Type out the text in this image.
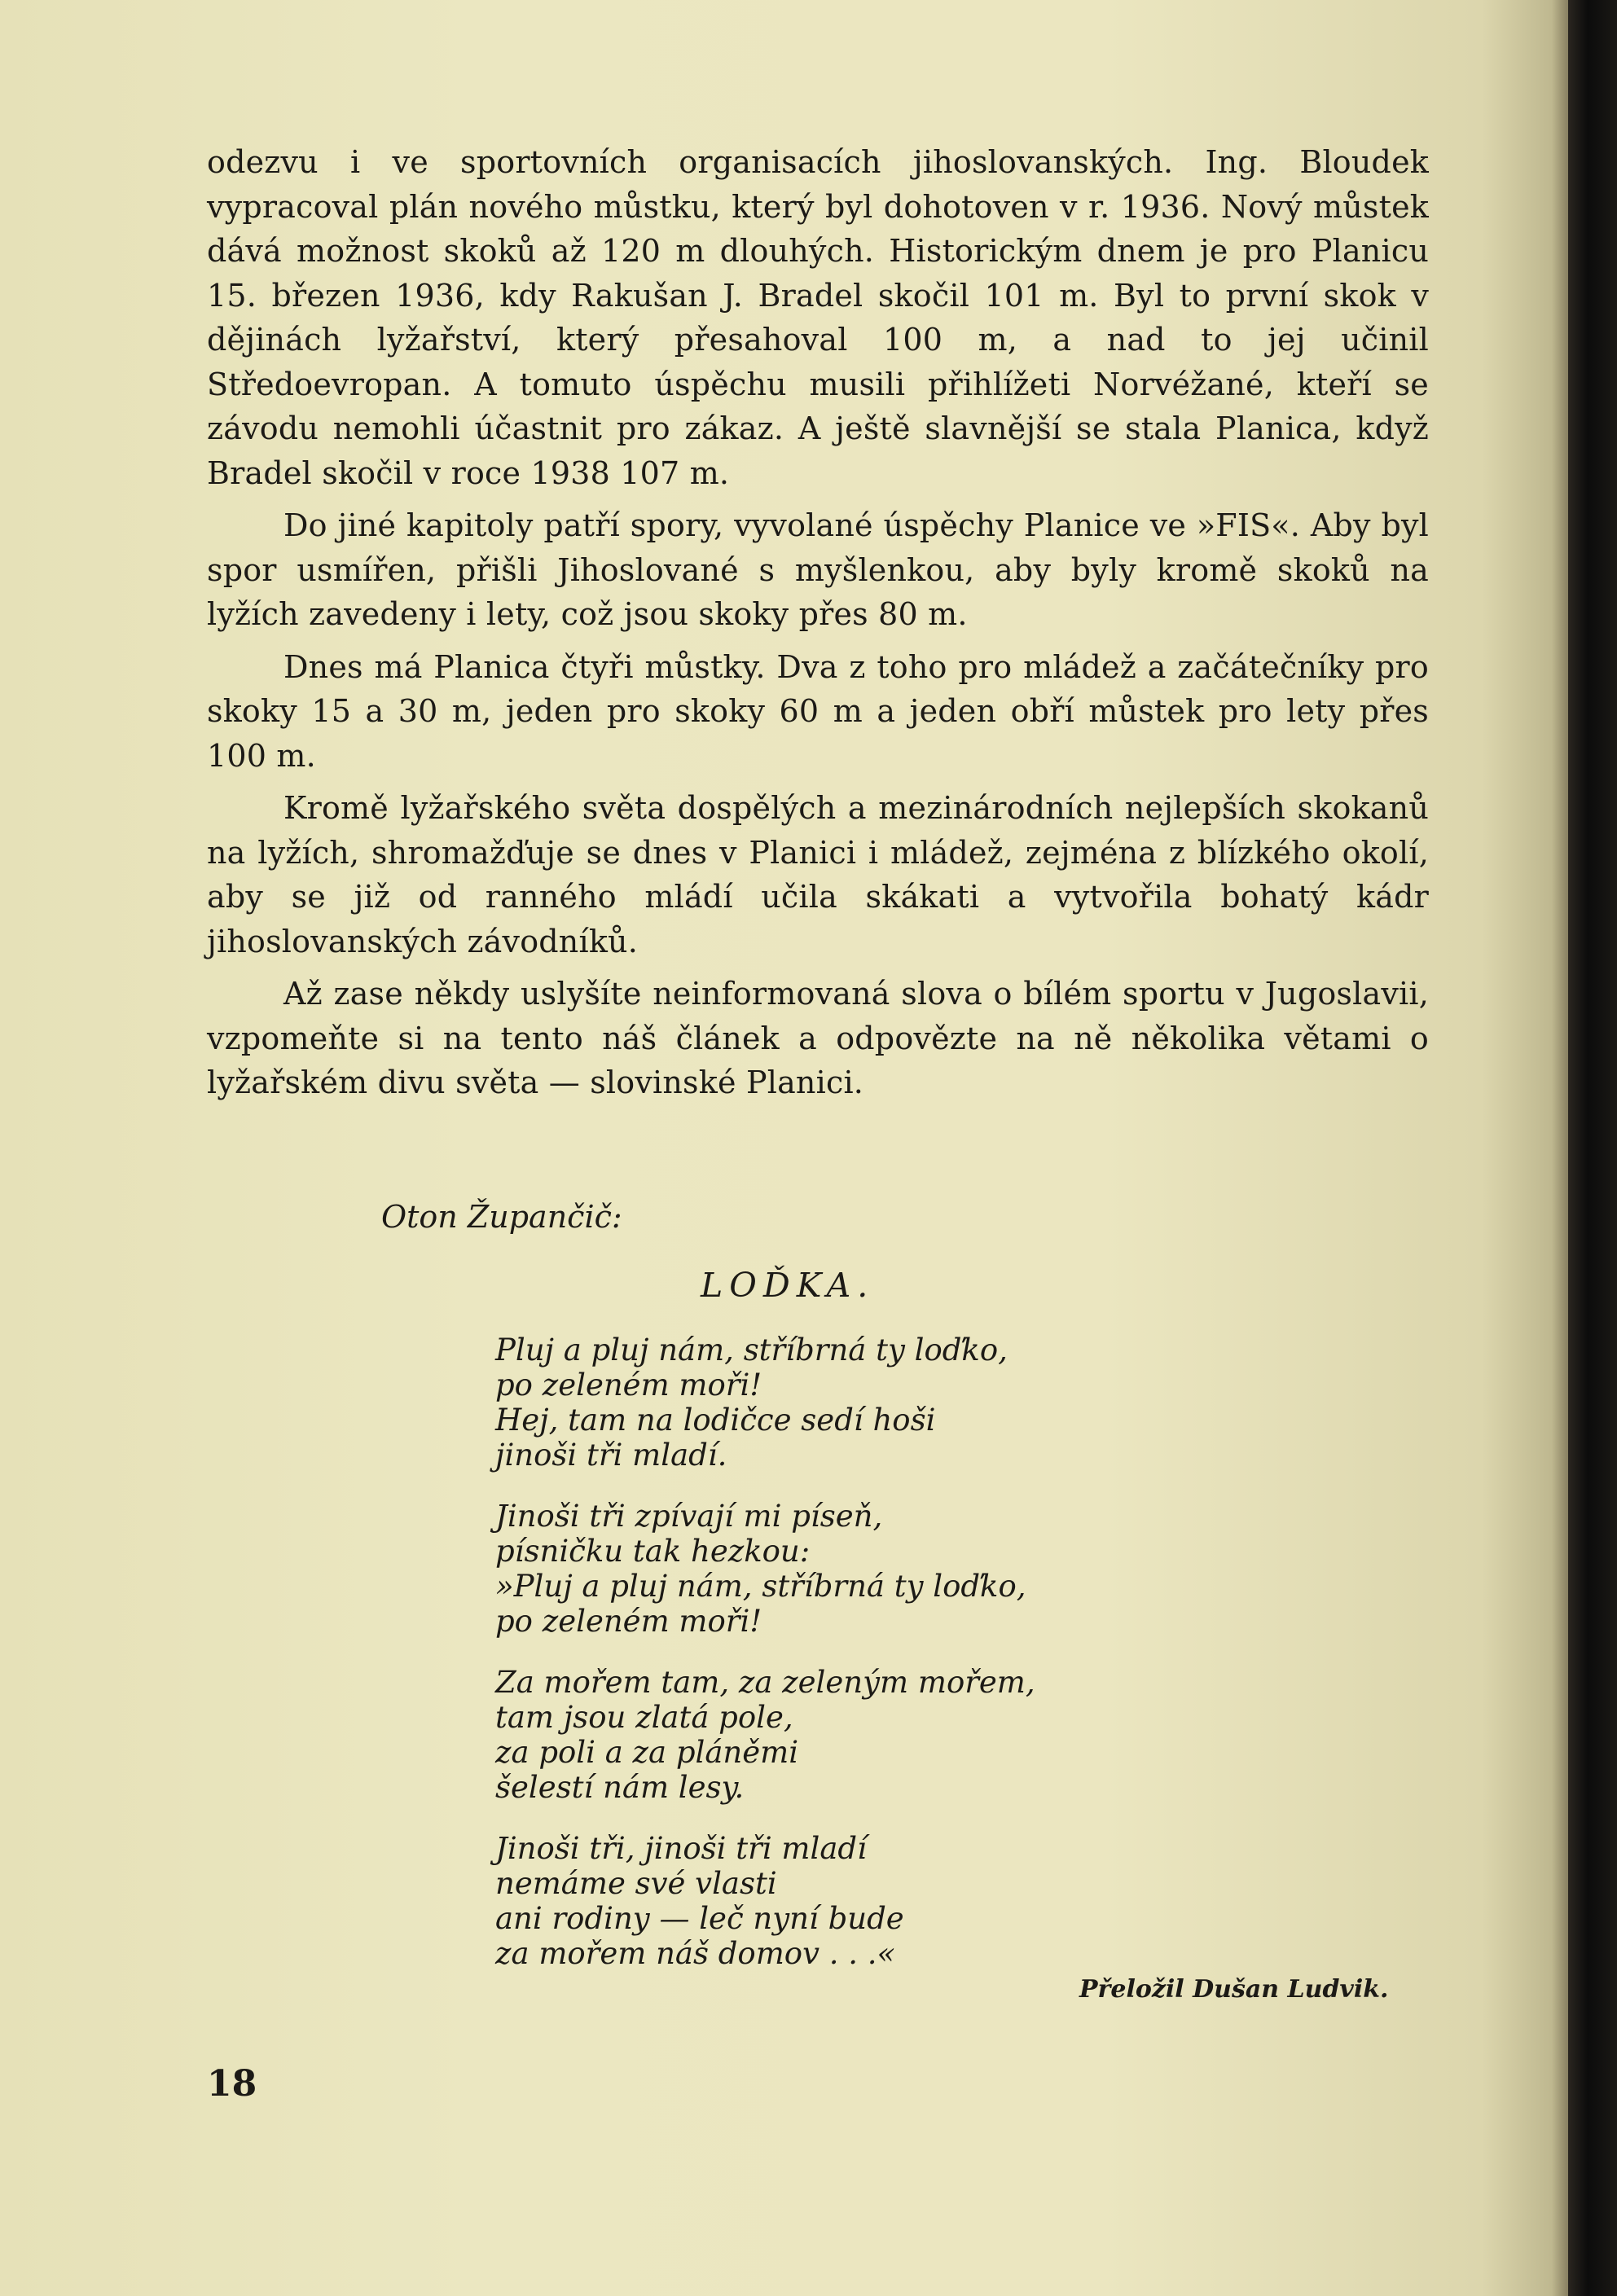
odezvu i ve sportovních organisacích jihoslovanských. Ing. Bloudek vypracoval plán nového můstku, který byl dohotoven v r. 1936. Nový můstek dává možnost skoků až 120 m dlouhých. Historickým dnem je pro Planicu 15. březen 1936, kdy Rakušan J. Bradel skočil 101 m. Byl to první skok v dějinách lyžařství, který přesahoval 100 m, a nad to jej učinil Středoevropan. A tomuto úspěchu musili přihlížeti Norvéžané, kteří se závodu nemohli účastnit pro zákaz. A ještě slavnější se stala Planica, když Bradel skočil v roce 1938 107 m.

Do jiné kapitoly patří spory, vyvolané úspěchy Planice ve »FIS«. Aby byl spor usmířen, přišli Jihoslované s myšlenkou, aby byly kromě skoků na lyžích zavedeny i lety, což jsou skoky přes 80 m.

Dnes má Planica čtyři můstky. Dva z toho pro mládež a začátečníky pro skoky 15 a 30 m, jeden pro skoky 60 m a jeden obří můstek pro lety přes 100 m.

Kromě lyžařského světa dospělých a mezinárodních nejlepších skokanů na lyžích, shromažďuje se dnes v Planici i mládež, zejména z blízkého okolí, aby se již od ranného mládí učila skákati a vytvořila bohatý kádr jihoslovanských závodníků.

Až zase někdy uslyšíte neinformovaná slova o bílém sportu v Jugoslavii, vzpomeňte si na tento náš článek a odpovězte na ně několika větami o lyžařském divu světa — slovinské Planici.

Oton Župančič:
LOĎKA.
Pluj a pluj nám, stříbrná ty loďko,
po zeleném moři!
Hej, tam na lodičce sedí hoši
jinoši tři mladí.
Jinoši tři zpívají mi píseň,
písničku tak hezkou:
»Pluj a pluj nám, stříbrná ty loďko,
po zeleném moři!
Za mořem tam, za zeleným mořem,
tam jsou zlatá pole,
za poli a za pláněmi
šelestí nám lesy.
Jinoši tři, jinoši tři mladí
nemáme své vlasti
ani rodiny — leč nyní bude
za mořem náš domov . . .«
Přeložil Dušan Ludvik.
18
